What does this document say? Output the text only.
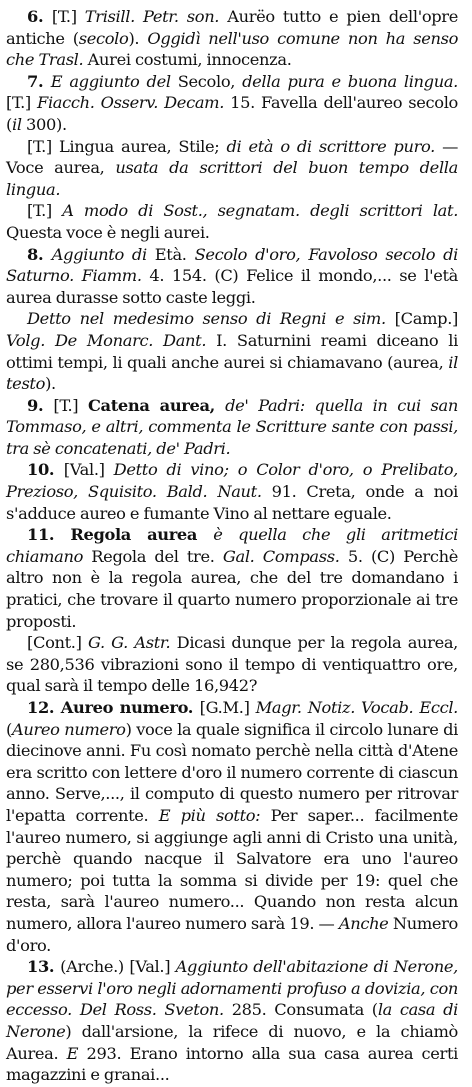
6. [T.] Trisill. Petr. son. Aurëo tutto e pien dell'opre antiche (secolo). Oggidì nell'uso comune non ha senso che Trasl. Aurei costumi, innocenza.

7. E aggiunto del Secolo, della pura e buona lingua. [T.] Fiacch. Osserv. Decam. 15. Favella dell'aureo secolo (il 300).

[T.] Lingua aurea, Stile; di età o di scrittore puro. — Voce aurea, usata da scrittori del buon tempo della lingua.

[T.] A modo di Sost., segnatam. degli scrittori lat. Questa voce è negli aurei.

8. Aggiunto di Età. Secolo d'oro, Favoloso secolo di Saturno. Fiamm. 4. 154. (C) Felice il mondo,... se l'età aurea durasse sotto caste leggi.

Detto nel medesimo senso di Regni e sim. [Camp.] Volg. De Monarc. Dant. I. Saturnini reami diceano li ottimi tempi, li quali anche aurei si chiamavano (aurea, il testo).

9. [T.] Catena aurea, de' Padri: quella in cui san Tommaso, e altri, commenta le Scritture sante con passi, tra sè concatenati, de' Padri.

10. [Val.] Detto di vino; o Color d'oro, o Prelibato, Prezioso, Squisito. Bald. Naut. 91. Creta, onde a noi s'adduce aureo e fumante Vino al nettare eguale.

11. Regola aurea è quella che gli aritmetici chiamano Regola del tre. Gal. Compass. 5. (C) Perchè altro non è la regola aurea, che del tre domandano i pratici, che trovare il quarto numero proporzionale ai tre proposti.

[Cont.] G. G. Astr. Dicasi dunque per la regola aurea, se 280,536 vibrazioni sono il tempo di ventiquattro ore, qual sarà il tempo delle 16,942?

12. Aureo numero. [G.M.] Magr. Notiz. Vocab. Eccl. (Aureo numero) voce la quale significa il circolo lunare di diecinove anni. Fu così nomato perchè nella città d'Atene era scritto con lettere d'oro il numero corrente di ciascun anno. Serve,..., il computo di questo numero per ritrovar l'epatta corrente. E più sotto: Per saper... facilmente l'aureo numero, si aggiunge agli anni di Cristo una unità, perchè quando nacque il Salvatore era uno l'aureo numero; poi tutta la somma si divide per 19: quel che resta, sarà l'aureo numero... Quando non resta alcun numero, allora l'aureo numero sarà 19. — Anche Numero d'oro.

13. (Arche.) [Val.] Aggiunto dell'abitazione di Nerone, per esservi l'oro negli adornamenti profuso a dovizia, con eccesso. Del Ross. Sveton. 285. Consumata (la casa di Nerone) dall'arsione, la rifece di nuovo, e la chiamò Aurea. E 293. Erano intorno alla sua casa aurea certi magazzini e granai...
